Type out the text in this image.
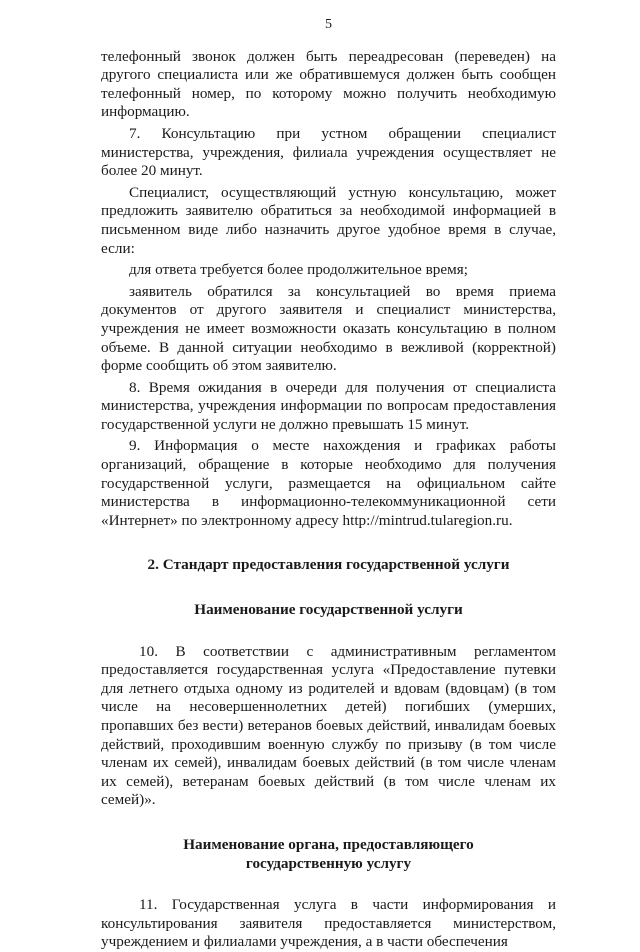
5

телефонный звонок должен быть переадресован (переведен) на другого специалиста или же обратившемуся должен быть сообщен телефонный номер, по которому можно получить необходимую информацию.

7. Консультацию при устном обращении специалист министерства, учреждения, филиала учреждения осуществляет не более 20 минут.

Специалист, осуществляющий устную консультацию, может предложить заявителю обратиться за необходимой информацией в письменном виде либо назначить другое удобное время в случае, если:

для ответа требуется более продолжительное время;

заявитель обратился за консультацией во время приема документов от другого заявителя и специалист министерства, учреждения не имеет возможности оказать консультацию в полном объеме. В данной ситуации необходимо в вежливой (корректной) форме сообщить об этом заявителю.

8. Время ожидания в очереди для получения от специалиста министерства, учреждения информации по вопросам предоставления государственной услуги не должно превышать 15 минут.

9. Информация о месте нахождения и графиках работы организаций, обращение в которые необходимо для получения государственной услуги, размещается на официальном сайте министерства в информационно-телекоммуникационной сети «Интернет» по электронному адресу http://mintrud.tularegion.ru.

2. Стандарт предоставления государственной услуги
Наименование государственной услуги

10. В соответствии с административным регламентом предоставляется государственная услуга «Предоставление путевки для летнего отдыха одному из родителей и вдовам (вдовцам) (в том числе на несовершеннолетних детей) погибших (умерших, пропавших без вести) ветеранов боевых действий, инвалидам боевых действий, проходившим военную службу по призыву (в том числе членам их семей), инвалидам боевых действий (в том числе членам их семей), ветеранам боевых действий (в том числе членам их семей)».

Наименование органа, предоставляющего
государственную услугу

11. Государственная услуга в части информирования и консультирования заявителя предоставляется министерством, учреждением и филиалами учреждения, а в части обеспечения
